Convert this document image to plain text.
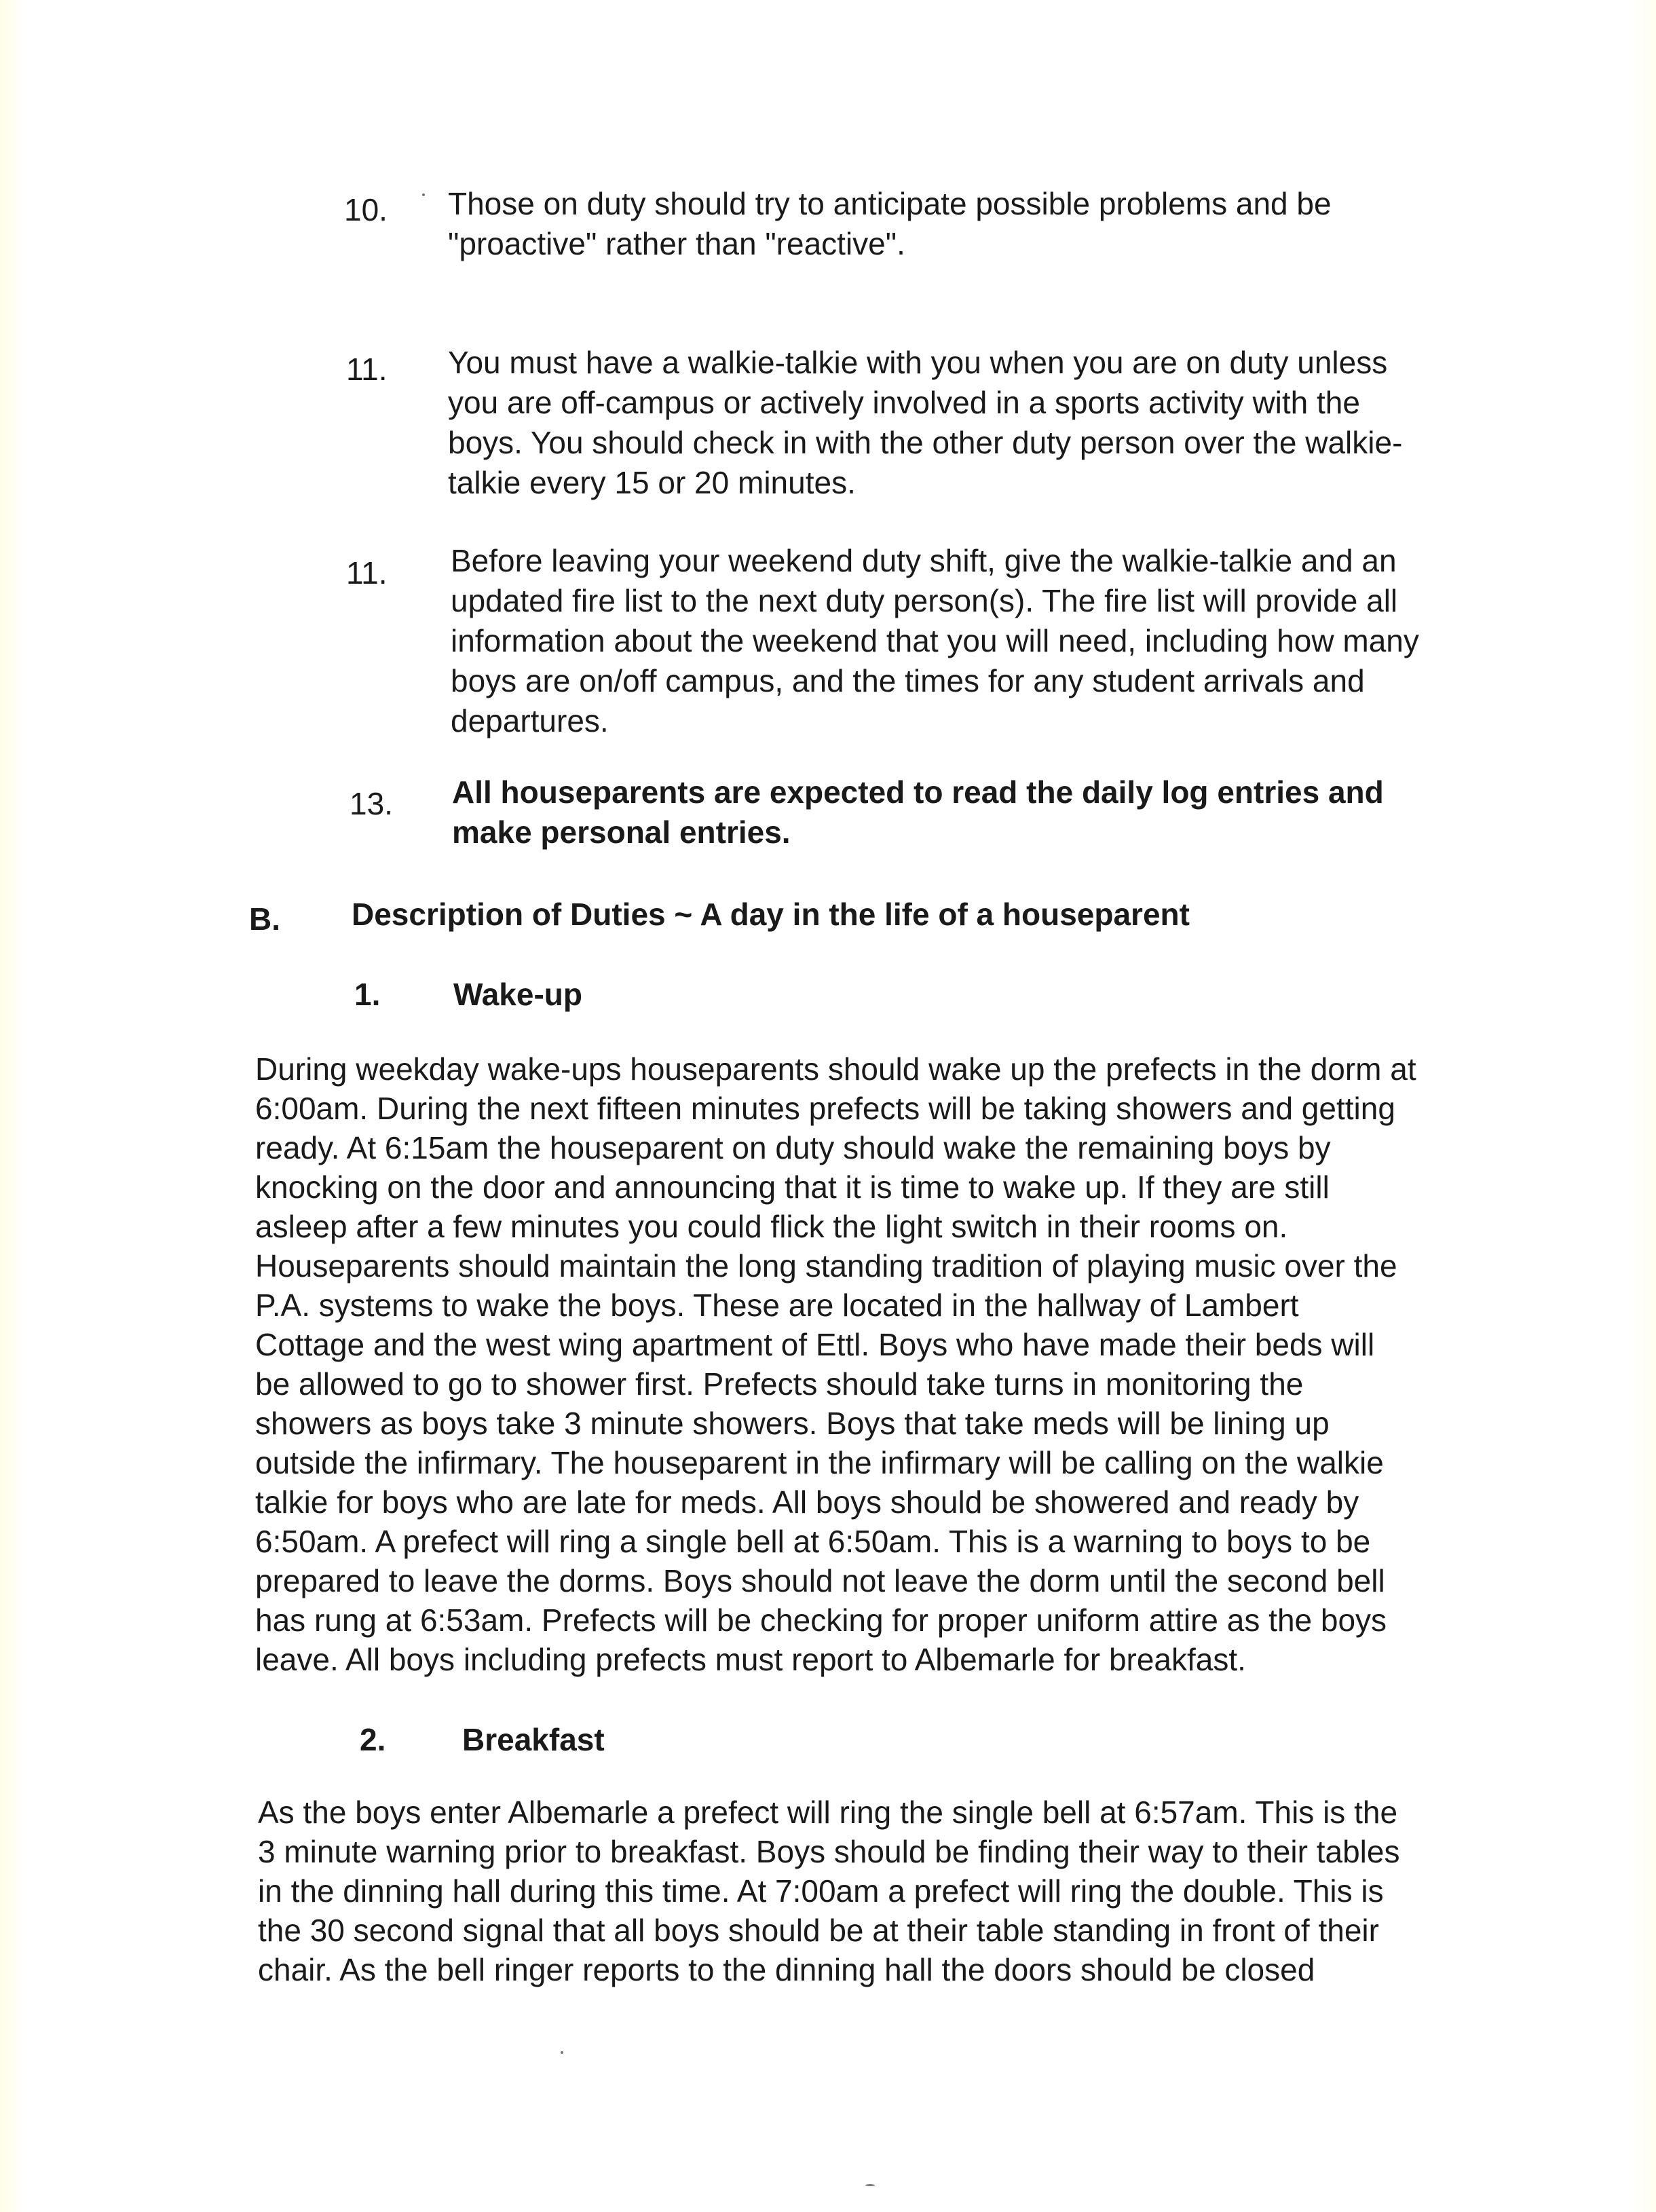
10. Those on duty should try to anticipate possible problems and be
"proactive" rather than "reactive".
11. You must have a walkie-talkie with you when you are on duty unless
you are off-campus or actively involved in a sports activity with the
boys. You should check in with the other duty person over the walkie-
talkie every 15 or 20 minutes.
11. Before leaving your weekend duty shift, give the walkie-talkie and an
updated fire list to the next duty person(s). The fire list will provide all
information about the weekend that you will need, including how many
boys are on/off campus, and the times for any student arrivals and
departures.
13. All houseparents are expected to read the daily log entries and
make personal entries.
B. Description of Duties ~ A day in the life of a houseparent
1. Wake-up
During weekday wake-ups houseparents should wake up the prefects in the dorm at
6:00am. During the next fifteen minutes prefects will be taking showers and getting
ready. At 6:15am the houseparent on duty should wake the remaining boys by
knocking on the door and announcing that it is time to wake up. If they are still
asleep after a few minutes you could flick the light switch in their rooms on.
Houseparents should maintain the long standing tradition of playing music over the
P.A. systems to wake the boys. These are located in the hallway of Lambert
Cottage and the west wing apartment of Ettl. Boys who have made their beds will
be allowed to go to shower first. Prefects should take turns in monitoring the
showers as boys take 3 minute showers. Boys that take meds will be lining up
outside the infirmary. The houseparent in the infirmary will be calling on the walkie
talkie for boys who are late for meds. All boys should be showered and ready by
6:50am. A prefect will ring a single bell at 6:50am. This is a warning to boys to be
prepared to leave the dorms. Boys should not leave the dorm until the second bell
has rung at 6:53am. Prefects will be checking for proper uniform attire as the boys
leave. All boys including prefects must report to Albemarle for breakfast.
2. Breakfast
As the boys enter Albemarle a prefect will ring the single bell at 6:57am. This is the
3 minute warning prior to breakfast. Boys should be finding their way to their tables
in the dinning hall during this time. At 7:00am a prefect will ring the double. This is
the 30 second signal that all boys should be at their table standing in front of their
chair. As the bell ringer reports to the dinning hall the doors should be closed
